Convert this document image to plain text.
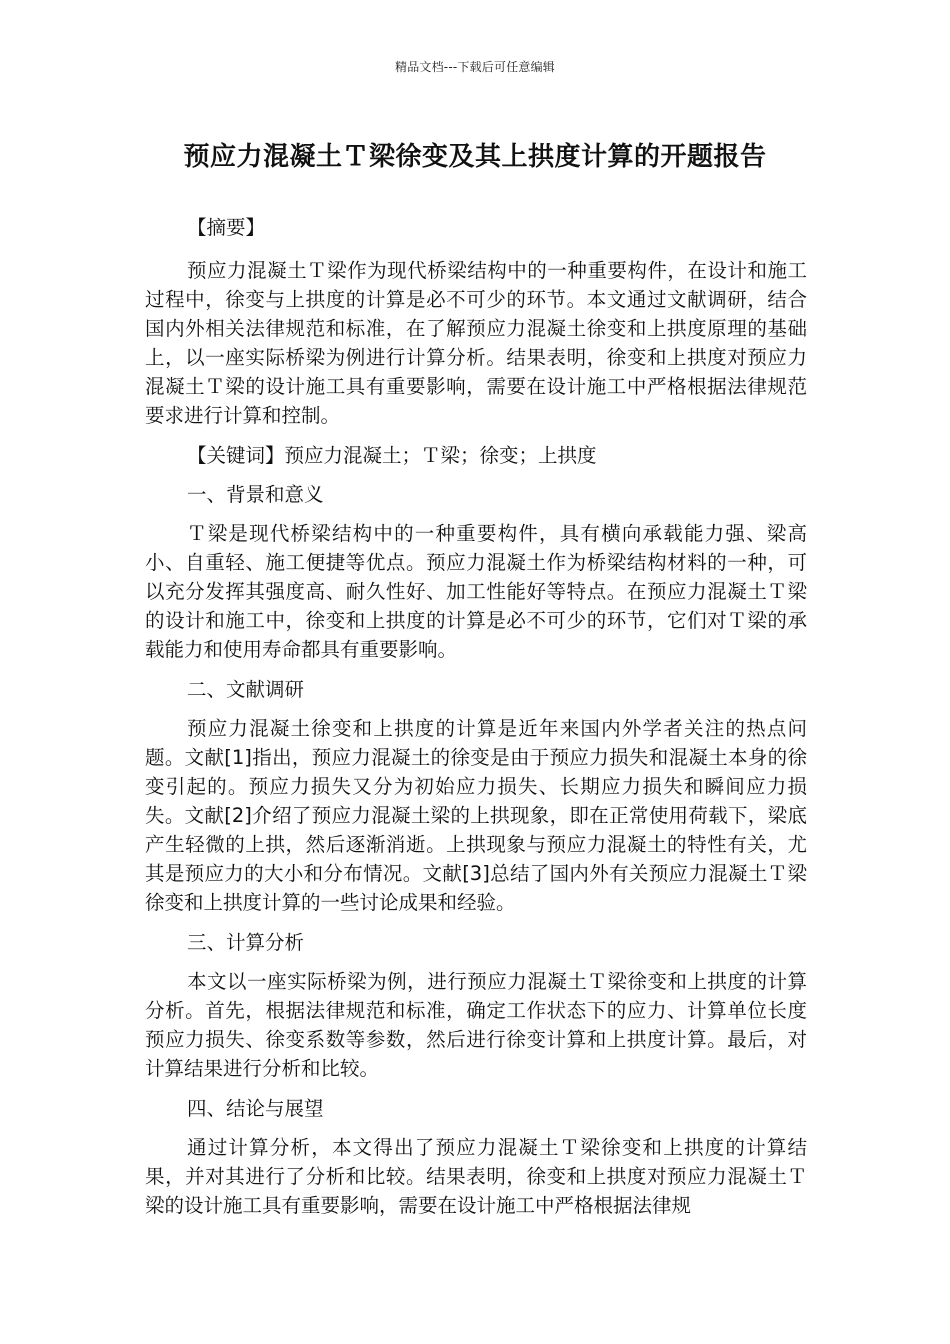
精品文档---下载后可任意编辑
预应力混凝土Ｔ梁徐变及其上拱度计算的开题报告

【摘要】

预应力混凝土Ｔ梁作为现代桥梁结构中的一种重要构件，在设计和施工过程中，徐变与上拱度的计算是必不可少的环节。本文通过文献调研，结合国内外相关法律规范和标准，在了解预应力混凝土徐变和上拱度原理的基础上，以一座实际桥梁为例进行计算分析。结果表明，徐变和上拱度对预应力混凝土Ｔ梁的设计施工具有重要影响，需要在设计施工中严格根据法律规范要求进行计算和控制。

【关键词】预应力混凝土；Ｔ梁；徐变；上拱度

一、背景和意义

Ｔ梁是现代桥梁结构中的一种重要构件，具有横向承载能力强、梁高小、自重轻、施工便捷等优点。预应力混凝土作为桥梁结构材料的一种，可以充分发挥其强度高、耐久性好、加工性能好等特点。在预应力混凝土Ｔ梁的设计和施工中，徐变和上拱度的计算是必不可少的环节，它们对Ｔ梁的承载能力和使用寿命都具有重要影响。

二、文献调研

预应力混凝土徐变和上拱度的计算是近年来国内外学者关注的热点问题。文献[1]指出，预应力混凝土的徐变是由于预应力损失和混凝土本身的徐变引起的。预应力损失又分为初始应力损失、长期应力损失和瞬间应力损失。文献[2]介绍了预应力混凝土梁的上拱现象，即在正常使用荷载下，梁底产生轻微的上拱，然后逐渐消逝。上拱现象与预应力混凝土的特性有关，尤其是预应力的大小和分布情况。文献[3]总结了国内外有关预应力混凝土Ｔ梁徐变和上拱度计算的一些讨论成果和经验。

三、计算分析

本文以一座实际桥梁为例，进行预应力混凝土Ｔ梁徐变和上拱度的计算分析。首先，根据法律规范和标准，确定工作状态下的应力、计算单位长度预应力损失、徐变系数等参数，然后进行徐变计算和上拱度计算。最后，对计算结果进行分析和比较。

四、结论与展望

通过计算分析，本文得出了预应力混凝土Ｔ梁徐变和上拱度的计算结果，并对其进行了分析和比较。结果表明，徐变和上拱度对预应力混凝土Ｔ梁的设计施工具有重要影响，需要在设计施工中严格根据法律规
